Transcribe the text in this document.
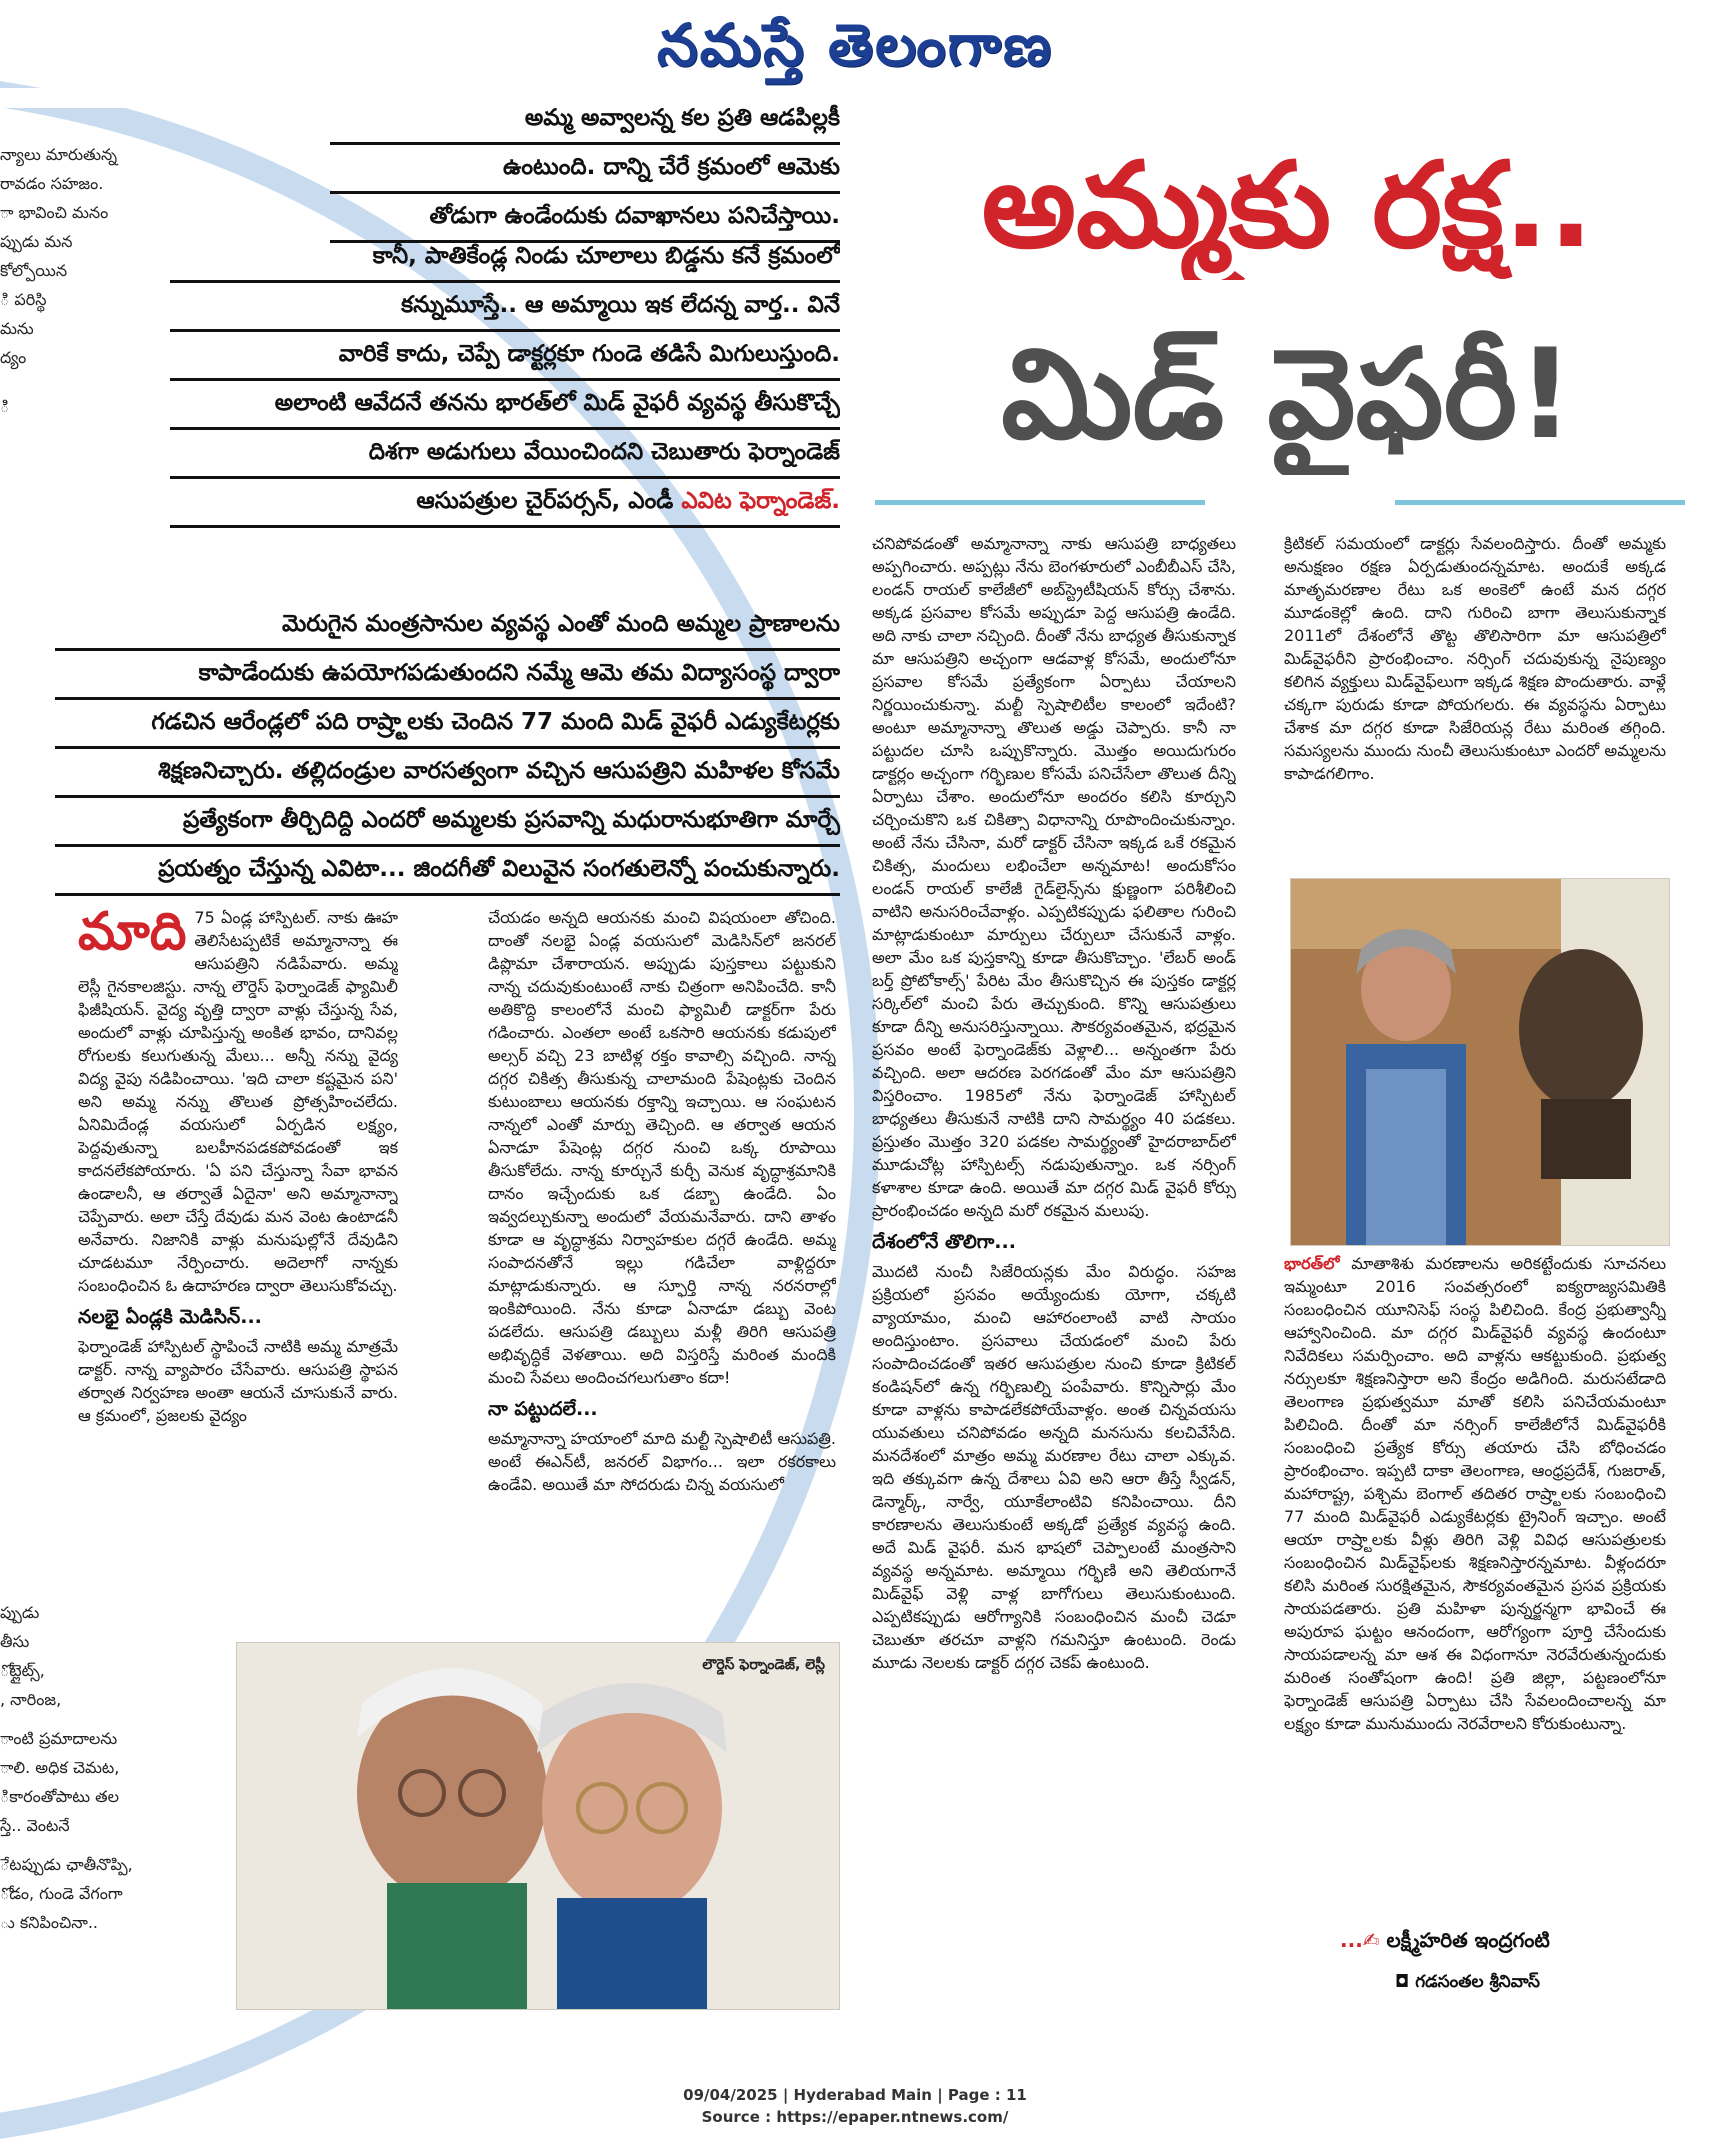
నమస్తే తెలంగాణ
న్యాలు మారుతున్న
రావడం సహజం.
ా భావించి మనం
ప్పుడు మన
కోల్పోయిన
ి పరిస్థి
మను
ద్యం
ి
ప్పుడు
తీసు
ోట్లైట్స్,
, నారింజ,
ాంటి ప్రమాదాలను
ాలి. అధిక చెమట,
ికారంతోపాటు తల
స్తే.. వెంటనే
ేటప్పుడు ఛాతీనొప్పి,
ోడం, గుండె వేగంగా
ు కనిపించినా..
అమ్మ అవ్వాలన్న కల ప్రతి ఆడపిల్లకీ
ఉంటుంది. దాన్ని చేరే క్రమంలో ఆమెకు
తోడుగా ఉండేందుకు దవాఖానలు పనిచేస్తాయి.
కానీ, పాతికేండ్ల నిండు చూలాలు బిడ్డను కనే క్రమంలో
కన్నుమూస్తే.. ఆ అమ్మాయి ఇక లేదన్న వార్త.. వినే
వారికే కాదు, చెప్పే డాక్టర్లకూ గుండె తడిసే మిగులుస్తుంది.
అలాంటి ఆవేదనే తనను భారత్‌లో మిడ్‌ వైఫరీ వ్యవస్థ తీసుకొచ్చే
దిశగా అడుగులు వేయించిందని చెబుతారు ఫెర్నాండెజ్‌
ఆసుపత్రుల చైర్‌పర్సన్‌, ఎండీ ఎవిట ఫెర్నాండెజ్‌.
మెరుగైన మంత్రసానుల వ్యవస్థ ఎంతో మంది అమ్మల ప్రాణాలను
కాపాడేందుకు ఉపయోగపడుతుందని నమ్మే ఆమె తమ విద్యాసంస్థ ద్వారా
గడచిన ఆరేండ్లలో పది రాష్ర్టాలకు చెందిన 77 మంది మిడ్‌ వైఫరీ ఎడ్యుకేటర్లకు
శిక్షణనిచ్చారు. తల్లిదండ్రుల వారసత్వంగా వచ్చిన ఆసుపత్రిని మహిళల కోసమే
ప్రత్యేకంగా తీర్చిదిద్ది ఎందరో అమ్మలకు ప్రసవాన్ని మధురానుభూతిగా మార్చే
ప్రయత్నం చేస్తున్న ఎవిటా... జిందగీతో విలువైన సంగతులెన్నో పంచుకున్నారు.
అమ్మకు రక్ష..
మిడ్‌ వైఫరీ!

మాది 75 ఏండ్ల హాస్పిటల్‌. నాకు ఊహ తెలిసేటప్పటికే అమ్మానాన్నా ఈ ఆసుపత్రిని నడిపేవారు. అమ్మ లెస్లీ గైనకాలజిస్టు. నాన్న లౌర్డెస్‌ ఫెర్నాండెజ్‌ ఫ్యామిలీ ఫిజీషియన్‌. వైద్య వృత్తి ద్వారా వాళ్లు చేస్తున్న సేవ, అందులో వాళ్లు చూపిస్తున్న అంకిత భావం, దానివల్ల రోగులకు కలుగుతున్న మేలు... అన్నీ నన్ను వైద్య విద్య వైపు నడిపించాయి. 'ఇది చాలా కష్టమైన పని' అని అమ్మ నన్ను తొలుత ప్రోత్సహించలేదు. ఏనిమిదేండ్ల వయసులో ఏర్పడిన లక్ష్యం, పెద్దవుతున్నా బలహీనపడకపోవడంతో ఇక కాదనలేకపోయారు. 'ఏ పని చేస్తున్నా సేవా భావన ఉండాలనీ, ఆ తర్వాతే ఏదైనా' అని అమ్మానాన్నా చెప్పేవారు. అలా చేస్తే దేవుడు మన వెంట ఉంటాడనీ అనేవారు. నిజానికి వాళ్లు మనుషుల్లోనే దేవుడిని చూడటమూ నేర్పించారు. అదెలాగో నాన్నకు సంబంధించిన ఓ ఉదాహరణ ద్వారా తెలుసుకోవచ్చు.

నలభై ఏండ్లకి మెడిసిన్‌...

ఫెర్నాండెజ్‌ హాస్పిటల్‌ స్థాపించే నాటికి అమ్మ మాత్రమే డాక్టర్‌. నాన్న వ్యాపారం చేసేవారు. ఆసుపత్రి స్థాపన తర్వాత నిర్వహణ అంతా ఆయనే చూసుకునే వారు. ఆ క్రమంలో, ప్రజలకు వైద్యం

చేయడం అన్నది ఆయనకు మంచి విషయంలా తోచింది. దాంతో నలభై ఏండ్ల వయసులో మెడిసిన్‌లో జనరల్‌ డిప్లొమా చేశారాయన. అప్పుడు పుస్తకాలు పట్టుకుని నాన్న చదువుకుంటుంటే నాకు చిత్రంగా అనిపించేది. కానీ అతికొద్ది కాలంలోనే మంచి ఫ్యామిలీ డాక్టర్‌గా పేరు గడించారు. ఎంతలా అంటే ఒకసారి ఆయనకు కడుపులో అల్సర్‌ వచ్చి 23 బాటిళ్ల రక్తం కావాల్సి వచ్చింది. నాన్న దగ్గర చికిత్స తీసుకున్న చాలామంది పేషెంట్లకు చెందిన కుటుంబాలు ఆయనకు రక్తాన్ని ఇచ్చాయి. ఆ సంఘటన నాన్నలో ఎంతో మార్పు తెచ్చింది. ఆ తర్వాత ఆయన ఏనాడూ పేషెంట్ల దగ్గర నుంచి ఒక్క రూపాయి తీసుకోలేదు. నాన్న కూర్చునే కుర్చీ వెనుక వృద్ధాశ్రమానికి దానం ఇచ్చేందుకు ఒక డబ్బా ఉండేది. ఏం ఇవ్వదల్చుకున్నా అందులో వేయమనేవారు. దాని తాళం కూడా ఆ వృద్ధాశ్రమ నిర్వాహకుల దగ్గరే ఉండేది. అమ్మ సంపాదనతోనే ఇల్లు గడిచేలా వాళ్లిద్దరూ మాట్లాడుకున్నారు. ఆ స్ఫూర్తి నాన్న నరనరాల్లో ఇంకిపోయింది. నేను కూడా ఏనాడూ డబ్బు వెంట పడలేదు. ఆసుపత్రి డబ్బులు మళ్లీ తిరిగి ఆసుపత్రి అభివృద్ధికే వెళతాయి. అది విస్తరిస్తే మరింత మందికి మంచి సేవలు అందించగలుగుతాం కదా!

నా పట్టుదలే...

అమ్మానాన్నా హయాంలో మాది మల్టీ స్పెషాలిటీ ఆసుపత్రి. అంటే ఈఎన్‌టీ, జనరల్‌ విభాగం... ఇలా రకరకాలు ఉండేవి. అయితే మా సోదరుడు చిన్న వయసులో

లౌర్డెస్‌ ఫెర్నాండెజ్‌, లెస్లీ

చనిపోవడంతో అమ్మానాన్నా నాకు ఆసుపత్రి బాధ్యతలు అప్పగించారు. అప్పట్లు నేను బెంగళూరులో ఎంబీబీఎస్‌ చేసి, లండన్‌ రాయల్‌ కాలేజీలో అబ్‌స్ట్రెటీషియన్‌ కోర్సు చేశాను. అక్కడ ప్రసవాల కోసమే అప్పుడూ పెద్ద ఆసుపత్రి ఉండేది. అది నాకు చాలా నచ్చింది. దీంతో నేను బాధ్యత తీసుకున్నాక మా ఆసుపత్రిని అచ్చంగా ఆడవాళ్ల కోసమే, అందులోనూ ప్రసవాల కోసమే ప్రత్యేకంగా ఏర్పాటు చేయాలని నిర్ణయించుకున్నా. మల్టీ స్పెషాలిటీల కాలంలో ఇదేంటి? అంటూ అమ్మానాన్నా తొలుత అడ్డు చెప్పారు. కానీ నా పట్టుదల చూసి ఒప్పుకొన్నారు. మొత్తం అయిదుగురం డాక్టర్లం అచ్చంగా గర్భిణుల కోసమే పనిచేసేలా తొలుత దీన్ని ఏర్పాటు చేశాం. అందులోనూ అందరం కలిసి కూర్చుని చర్చించుకొని ఒక చికిత్సా విధానాన్ని రూపొందించుకున్నాం. అంటే నేను చేసినా, మరో డాక్టర్‌ చేసినా ఇక్కడ ఒకే రకమైన చికిత్స, మందులు లభించేలా అన్నమాట! అందుకోసం లండన్‌ రాయల్‌ కాలేజీ గైడ్‌లైన్స్‌ను క్షుణ్ణంగా పరిశీలించి వాటిని అనుసరించేవాళ్లం. ఎప్పటికప్పుడు ఫలితాల గురించి మాట్లాడుకుంటూ మార్పులు చేర్పులూ చేసుకునే వాళ్లం. అలా మేం ఒక పుస్తకాన్ని కూడా తీసుకొచ్చాం. 'లేబర్‌ అండ్‌ బర్త్‌ ప్రోటోకాల్స్‌' పేరిట మేం తీసుకొచ్చిన ఈ పుస్తకం డాక్టర్ల సర్కిల్‌లో మంచి పేరు తెచ్చుకుంది. కొన్ని ఆసుపత్రులు కూడా దీన్ని అనుసరిస్తున్నాయి. సౌకర్యవంతమైన, భద్రమైన ప్రసవం అంటే ఫెర్నాండెజ్‌కు వెళ్లాలి... అన్నంతగా పేరు వచ్చింది. అలా ఆదరణ పెరగడంతో మేం మా ఆసుపత్రిని విస్తరించాం. 1985లో నేను ఫెర్నాండెజ్‌ హాస్పిటల్‌ బాధ్యతలు తీసుకునే నాటికి దాని సామర్థ్యం 40 పడకలు. ప్రస్తుతం మొత్తం 320 పడకల సామర్థ్యంతో హైదరాబాద్‌లో మూడుచోట్ల హాస్పిటల్స్‌ నడుపుతున్నాం. ఒక నర్సింగ్‌ కళాశాల కూడా ఉంది. అయితే మా దగ్గర మిడ్‌ వైఫరీ కోర్సు ప్రారంభించడం అన్నది మరో రకమైన మలుపు.

దేశంలోనే తొలిగా...

మొదటి నుంచీ సిజేరియన్లకు మేం విరుద్ధం. సహజ ప్రక్రియలో ప్రసవం అయ్యేందుకు యోగా, చక్కటి వ్యాయామం, మంచి ఆహారంలాంటి వాటి సాయం అందిస్తుంటాం. ప్రసవాలు చేయడంలో మంచి పేరు సంపాదించడంతో ఇతర ఆసుపత్రుల నుంచి కూడా క్రిటికల్‌ కండిషన్‌లో ఉన్న గర్భిణుల్ని పంపేవారు. కొన్నిసార్లు మేం కూడా వాళ్లను కాపాడలేకపోయేవాళ్లం. అంత చిన్నవయసు యువతులు చనిపోవడం అన్నది మనసును కలచివేసేది. మనదేశంలో మాత్రం అమ్మ మరణాల రేటు చాలా ఎక్కువ. ఇది తక్కువగా ఉన్న దేశాలు ఏవి అని ఆరా తీస్తే స్వీడన్‌, డెన్మార్క్‌, నార్వే, యూకేలాంటివి కనిపించాయి. దీని కారణాలను తెలుసుకుంటే అక్కడో ప్రత్యేక వ్యవస్థ ఉంది. అదే మిడ్‌ వైఫరీ. మన భాషలో చెప్పాలంటే మంత్రసాని వ్యవస్థ అన్నమాట. అమ్మాయి గర్భిణి అని తెలియగానే మిడ్‌వైఫ్‌ వెళ్లి వాళ్ల బాగోగులు తెలుసుకుంటుంది. ఎప్పటికప్పుడు ఆరోగ్యానికి సంబంధించిన మంచీ చెడూ చెబుతూ తరచూ వాళ్లని గమనిస్తూ ఉంటుంది. రెండు మూడు నెలలకు డాక్టర్‌ దగ్గర చెకప్‌ ఉంటుంది.

క్రిటికల్‌ సమయంలో డాక్టర్లు సేవలందిస్తారు. దీంతో అమ్మకు అనుక్షణం రక్షణ ఏర్పడుతుందన్నమాట. అందుకే అక్కడ మాతృమరణాల రేటు ఒక అంకెలో ఉంటే మన దగ్గర మూడంకెల్లో ఉంది. దాని గురించి బాగా తెలుసుకున్నాక 2011లో దేశంలోనే తొట్ట తొలిసారిగా మా ఆసుపత్రిలో మిడ్‌వైఫరీని ప్రారంభించాం. నర్సింగ్‌ చదువుకున్న నైపుణ్యం కలిగిన వ్యక్తులు మిడ్‌వైఫ్‌లుగా ఇక్కడ శిక్షణ పొందుతారు. వాళ్లే చక్కగా పురుడు కూడా పోయగలరు. ఈ వ్యవస్థను ఏర్పాటు చేశాక మా దగ్గర కూడా సిజేరియన్ల రేటు మరింత తగ్గింది. సమస్యలను ముందు నుంచీ తెలుసుకుంటూ ఎందరో అమ్మలను కాపాడగలిగాం.

భారత్‌లో మాతాశిశు మరణాలను అరికట్టేందుకు సూచనలు ఇమ్మంటూ 2016 సంవత్సరంలో ఐక్యరాజ్యసమితికి సంబంధించిన యూనిసెఫ్‌ సంస్థ పిలిచింది. కేంద్ర ప్రభుత్వాన్నీ ఆహ్వానించింది. మా దగ్గర మిడ్‌వైఫరీ వ్యవస్థ ఉందంటూ నివేదికలు సమర్పించాం. అది వాళ్లను ఆకట్టుకుంది. ప్రభుత్వ నర్సులకూ శిక్షణనిస్తారా అని కేంద్రం అడిగింది. మరుసటేడాది తెలంగాణ ప్రభుత్వమూ మాతో కలిసి పనిచేయమంటూ పిలిచింది. దీంతో మా నర్సింగ్‌ కాలేజీలోనే మిడ్‌వైఫరీకి సంబంధించి ప్రత్యేక కోర్సు తయారు చేసి బోధించడం ప్రారంభించాం. ఇప్పటి దాకా తెలంగాణ, ఆంధ్రప్రదేశ్‌, గుజరాత్‌, మహారాష్ట్ర, పశ్చిమ బెంగాల్‌ తదితర రాష్ర్టాలకు సంబంధించి 77 మంది మిడ్‌వైఫరీ ఎడ్యుకేటర్లకు ట్రైనింగ్‌ ఇచ్చాం. అంటే ఆయా రాష్ర్టాలకు వీళ్లు తిరిగి వెళ్లి వివిధ ఆసుపత్రులకు సంబంధించిన మిడ్‌వైఫ్‌లకు శిక్షణనిస్తారన్నమాట. వీళ్లందరూ కలిసి మరింత సురక్షితమైన, సౌకర్యవంతమైన ప్రసవ ప్రక్రియకు సాయపడతారు. ప్రతి మహిళా పున్నర్జన్మగా భావించే ఈ అపురూప ఘట్టం ఆనందంగా, ఆరోగ్యంగా పూర్తి చేసేందుకు సాయపడాలన్న మా ఆశ ఈ విధంగానూ నెరవేరుతున్నందుకు మరింత సంతోషంగా ఉంది! ప్రతి జిల్లా, పట్టణంలోనూ ఫెర్నాండెజ్‌ ఆసుపత్రి ఏర్పాటు చేసి సేవలందించాలన్న మా లక్ష్యం కూడా మునుముందు నెరవేరాలని కోరుకుంటున్నా.

...✍ లక్ష్మీహరిత ఇంద్రగంటి
◘ గడసంతల శ్రీనివాస్‌
09/04/2025 | Hyderabad Main | Page : 11
Source : https://epaper.ntnews.com/
